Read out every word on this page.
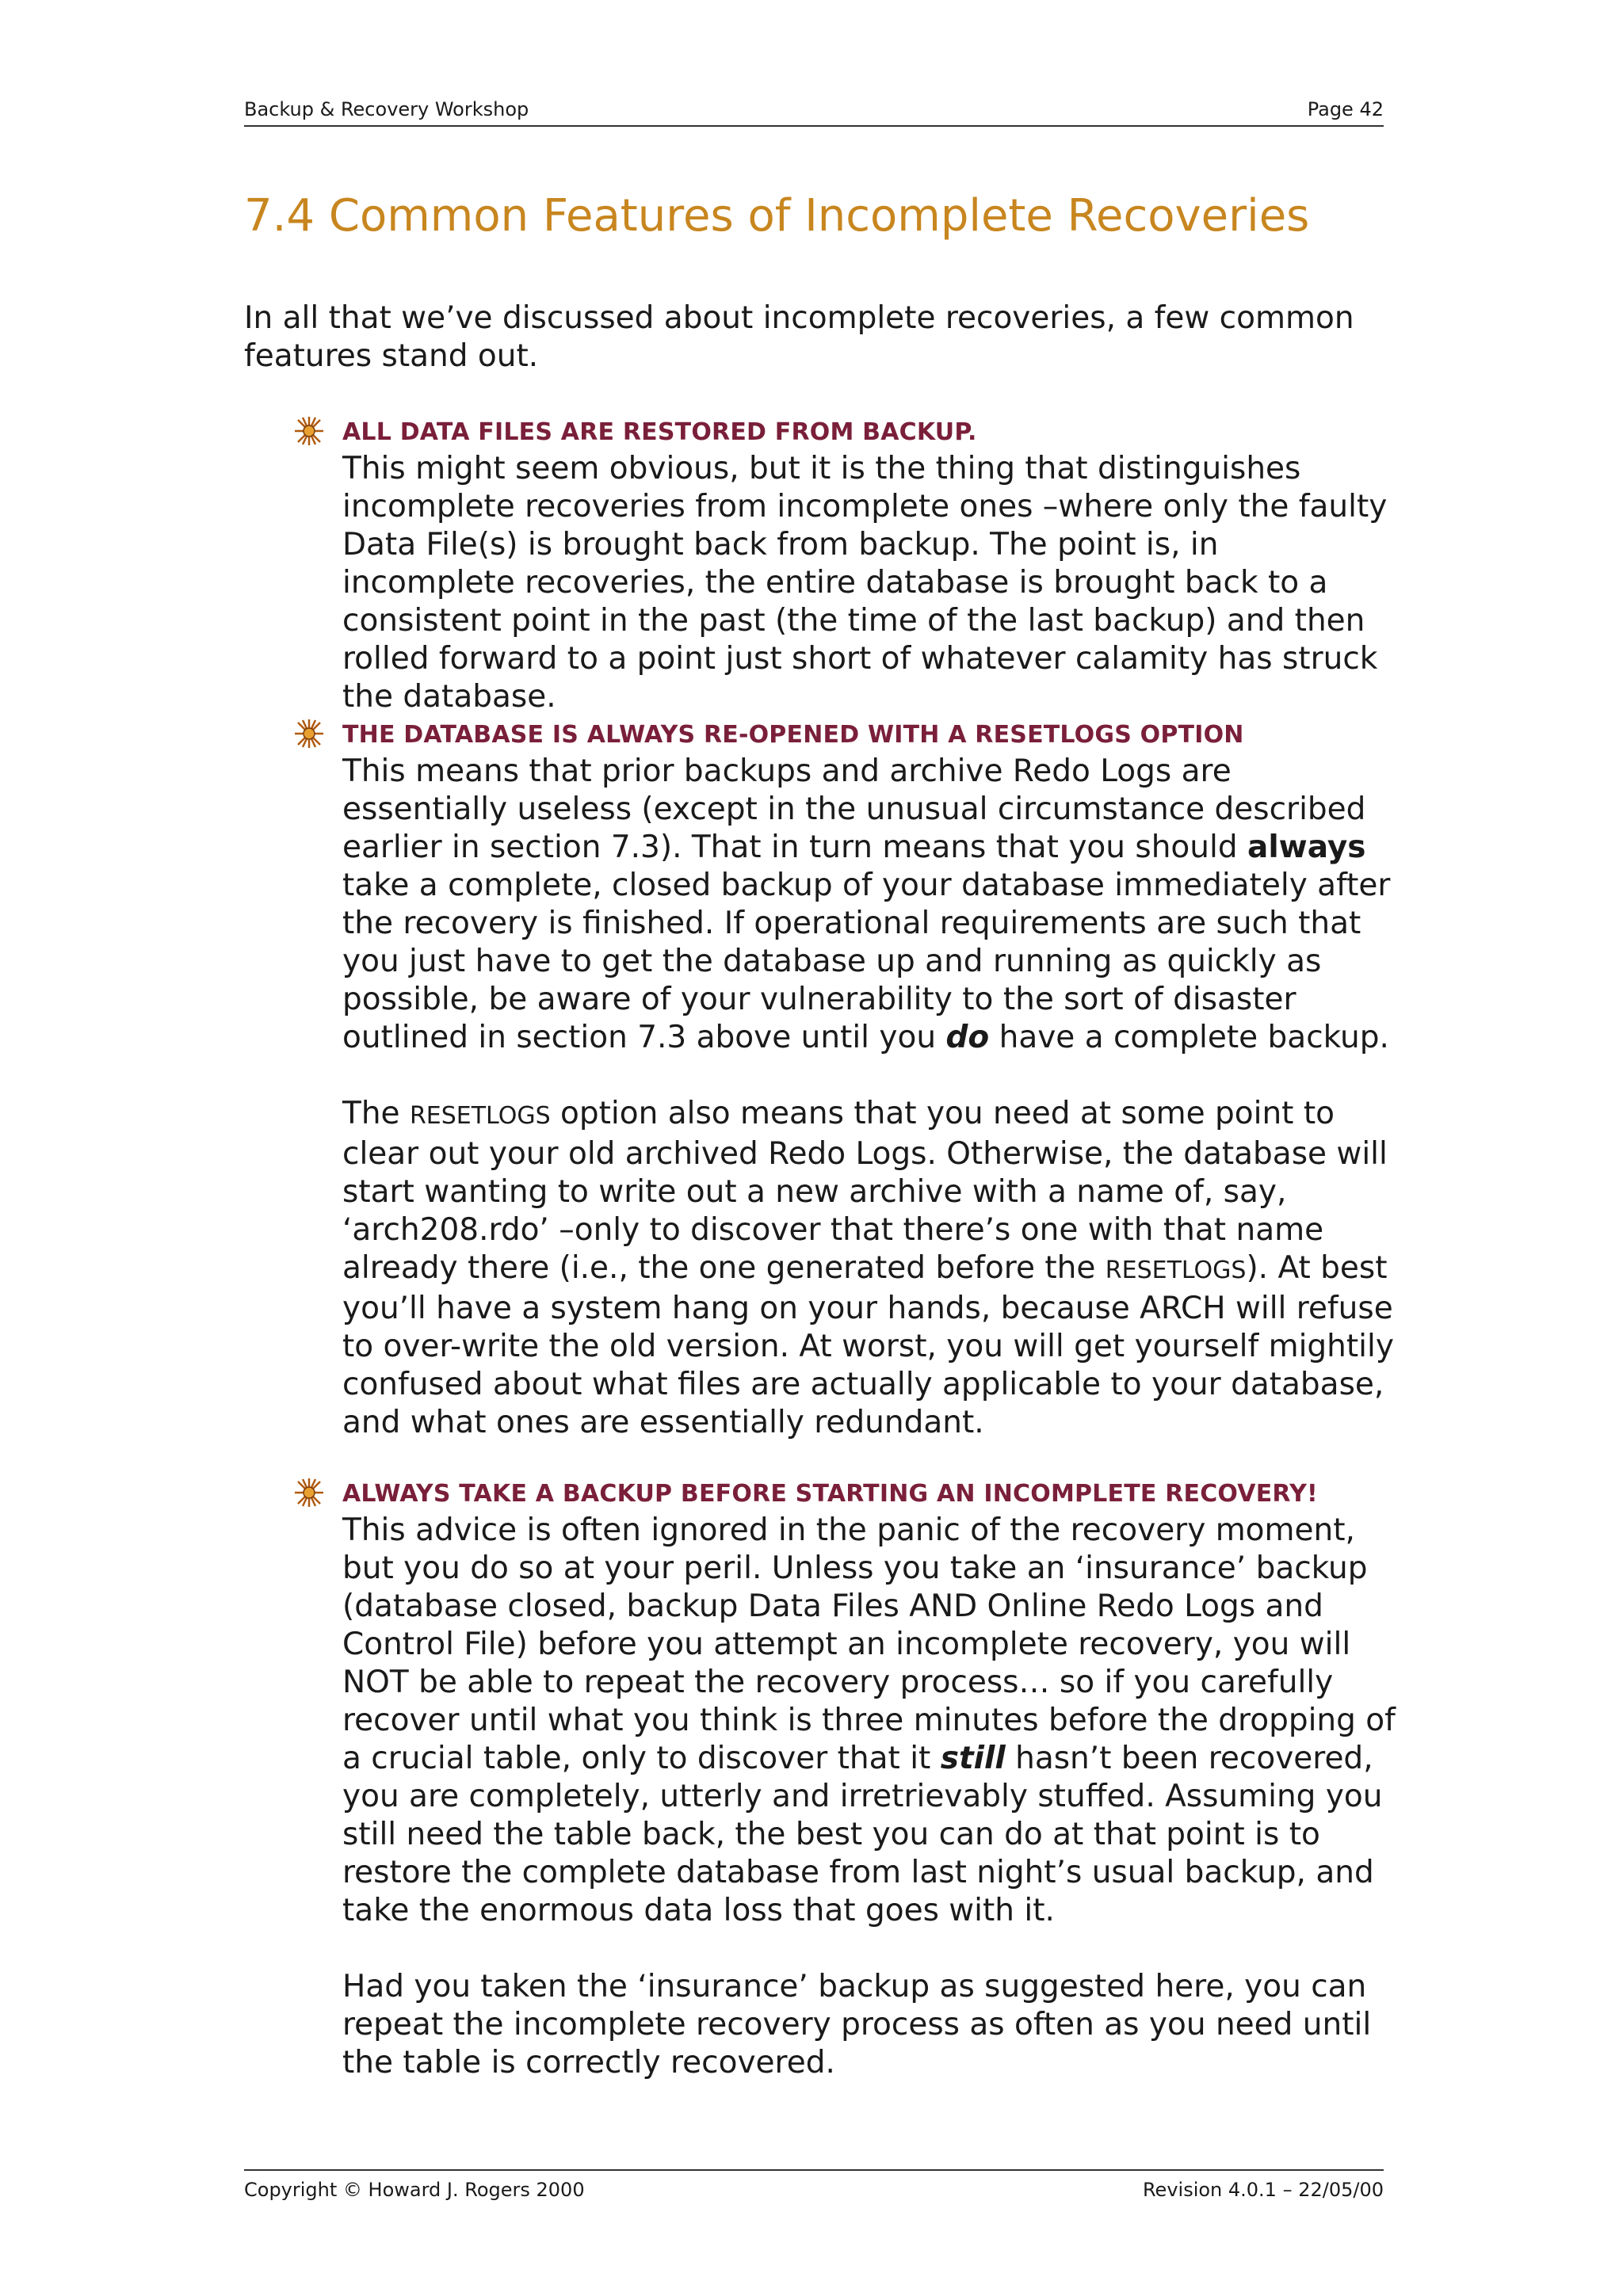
Backup & Recovery Workshop	Page 42
7.4 Common Features of Incomplete Recoveries

In all that we’ve discussed about incomplete recoveries, a few common features stand out.

ALL DATA FILES ARE RESTORED FROM BACKUP.

This might seem obvious, but it is the thing that distinguishes incomplete recoveries from incomplete ones –where only the faulty Data File(s) is brought back from backup. The point is, in incomplete recoveries, the entire database is brought back to a consistent point in the past (the time of the last backup) and then rolled forward to a point just short of whatever calamity has struck the database.

THE DATABASE IS ALWAYS RE-OPENED WITH A RESETLOGS OPTION

This means that prior backups and archive Redo Logs are essentially useless (except in the unusual circumstance described earlier in section 7.3). That in turn means that you should always take a complete, closed backup of your database immediately after the recovery is finished. If operational requirements are such that you just have to get the database up and running as quickly as possible, be aware of your vulnerability to the sort of disaster outlined in section 7.3 above until you do have a complete backup.

The RESETLOGS option also means that you need at some point to clear out your old archived Redo Logs. Otherwise, the database will start wanting to write out a new archive with a name of, say, ‘arch208.rdo’ –only to discover that there’s one with that name already there (i.e., the one generated before the RESETLOGS). At best you’ll have a system hang on your hands, because ARCH will refuse to over-write the old version. At worst, you will get yourself mightily confused about what files are actually applicable to your database, and what ones are essentially redundant.

ALWAYS TAKE A BACKUP BEFORE STARTING AN INCOMPLETE RECOVERY!

This advice is often ignored in the panic of the recovery moment, but you do so at your peril. Unless you take an ‘insurance’ backup (database closed, backup Data Files AND Online Redo Logs and Control File) before you attempt an incomplete recovery, you will NOT be able to repeat the recovery process… so if you carefully recover until what you think is three minutes before the dropping of a crucial table, only to discover that it still hasn’t been recovered, you are completely, utterly and irretrievably stuffed. Assuming you still need the table back, the best you can do at that point is to restore the complete database from last night’s usual backup, and take the enormous data loss that goes with it.

Had you taken the ‘insurance’ backup as suggested here, you can repeat the incomplete recovery process as often as you need until the table is correctly recovered.

Copyright © Howard J. Rogers 2000	Revision 4.0.1 – 22/05/00
